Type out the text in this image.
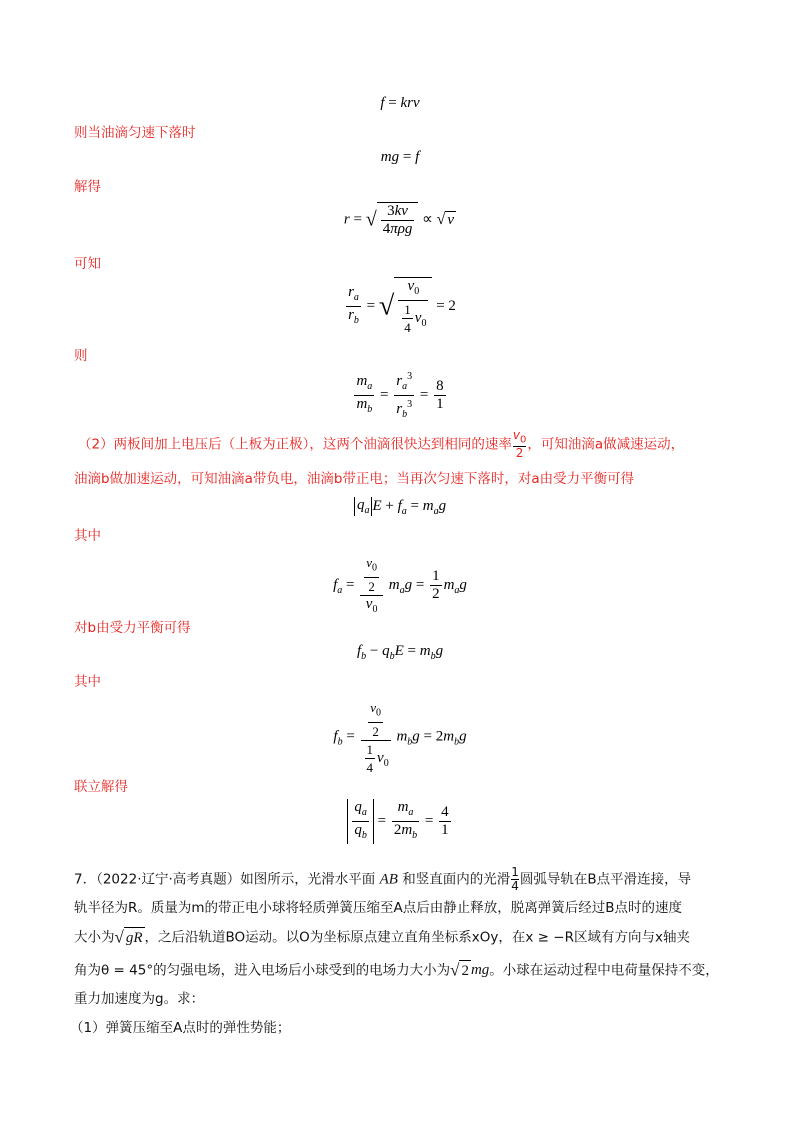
f = krv
则当油滴匀速下落时
mg = f
解得
r = √ $\frac{3kv}{\text{4πρg}}$ ∝ √ v
可知
$\frac{r_a}{r_b}$ = √ $\frac{v_0}{\frac{1}{4} v_0} = 2$
则
$\frac{m_a}{m_b} = \frac{r_a^3}{r_b^3} = \frac{8}{1}$
（2）两板间加上电压后（上板为正极），这两个油滴很快达到相同的速率 $\frac{v_0}{2}$，可知油滴a做减速运动，
油滴b做加速运动，可知油滴a带负电，油滴b带正电；当再次匀速下落时，对a由受力平衡可得
$q_a$ $E + f_a = m_ag$
其中
$f_a = \frac{\frac{v_0}{2}}{v_0} m_ag = \frac{1}{2} m_ag$
对b由受力平衡可得
$f_b - q_bE = m_bg$
其中
$f_b = \frac{\frac{v_0}{2}}{\frac{1}{4} v_0} m_bg = 2m_bg$
联立解得
$\frac{q_a}{q_b} = \frac{m_a}{2m_b} = \frac{4}{1}$
7．（2022·辽宁·高考真题）如图所示，光滑水平面 AB 和竖直面内的光滑 $\frac{1}{4}$圆弧导轨在B点平滑连接，导
轨半径为R。质量为m的带正电小球将轻质弹簧压缩至A点后由静止释放，脱离弹簧后经过B点时的速度
大小为√ gR ，之后沿轨道BO运动。以O为坐标原点建立直角坐标系xOy，在x ≥ −R区域有方向与x轴夹
角为θ = 45°的匀强电场，进入电场后小球受到的电场力大小为√ 2 mg。小球在运动过程中电荷量保持不变，
重力加速度为g。求：
（1）弹簧压缩至A点时的弹性势能；
